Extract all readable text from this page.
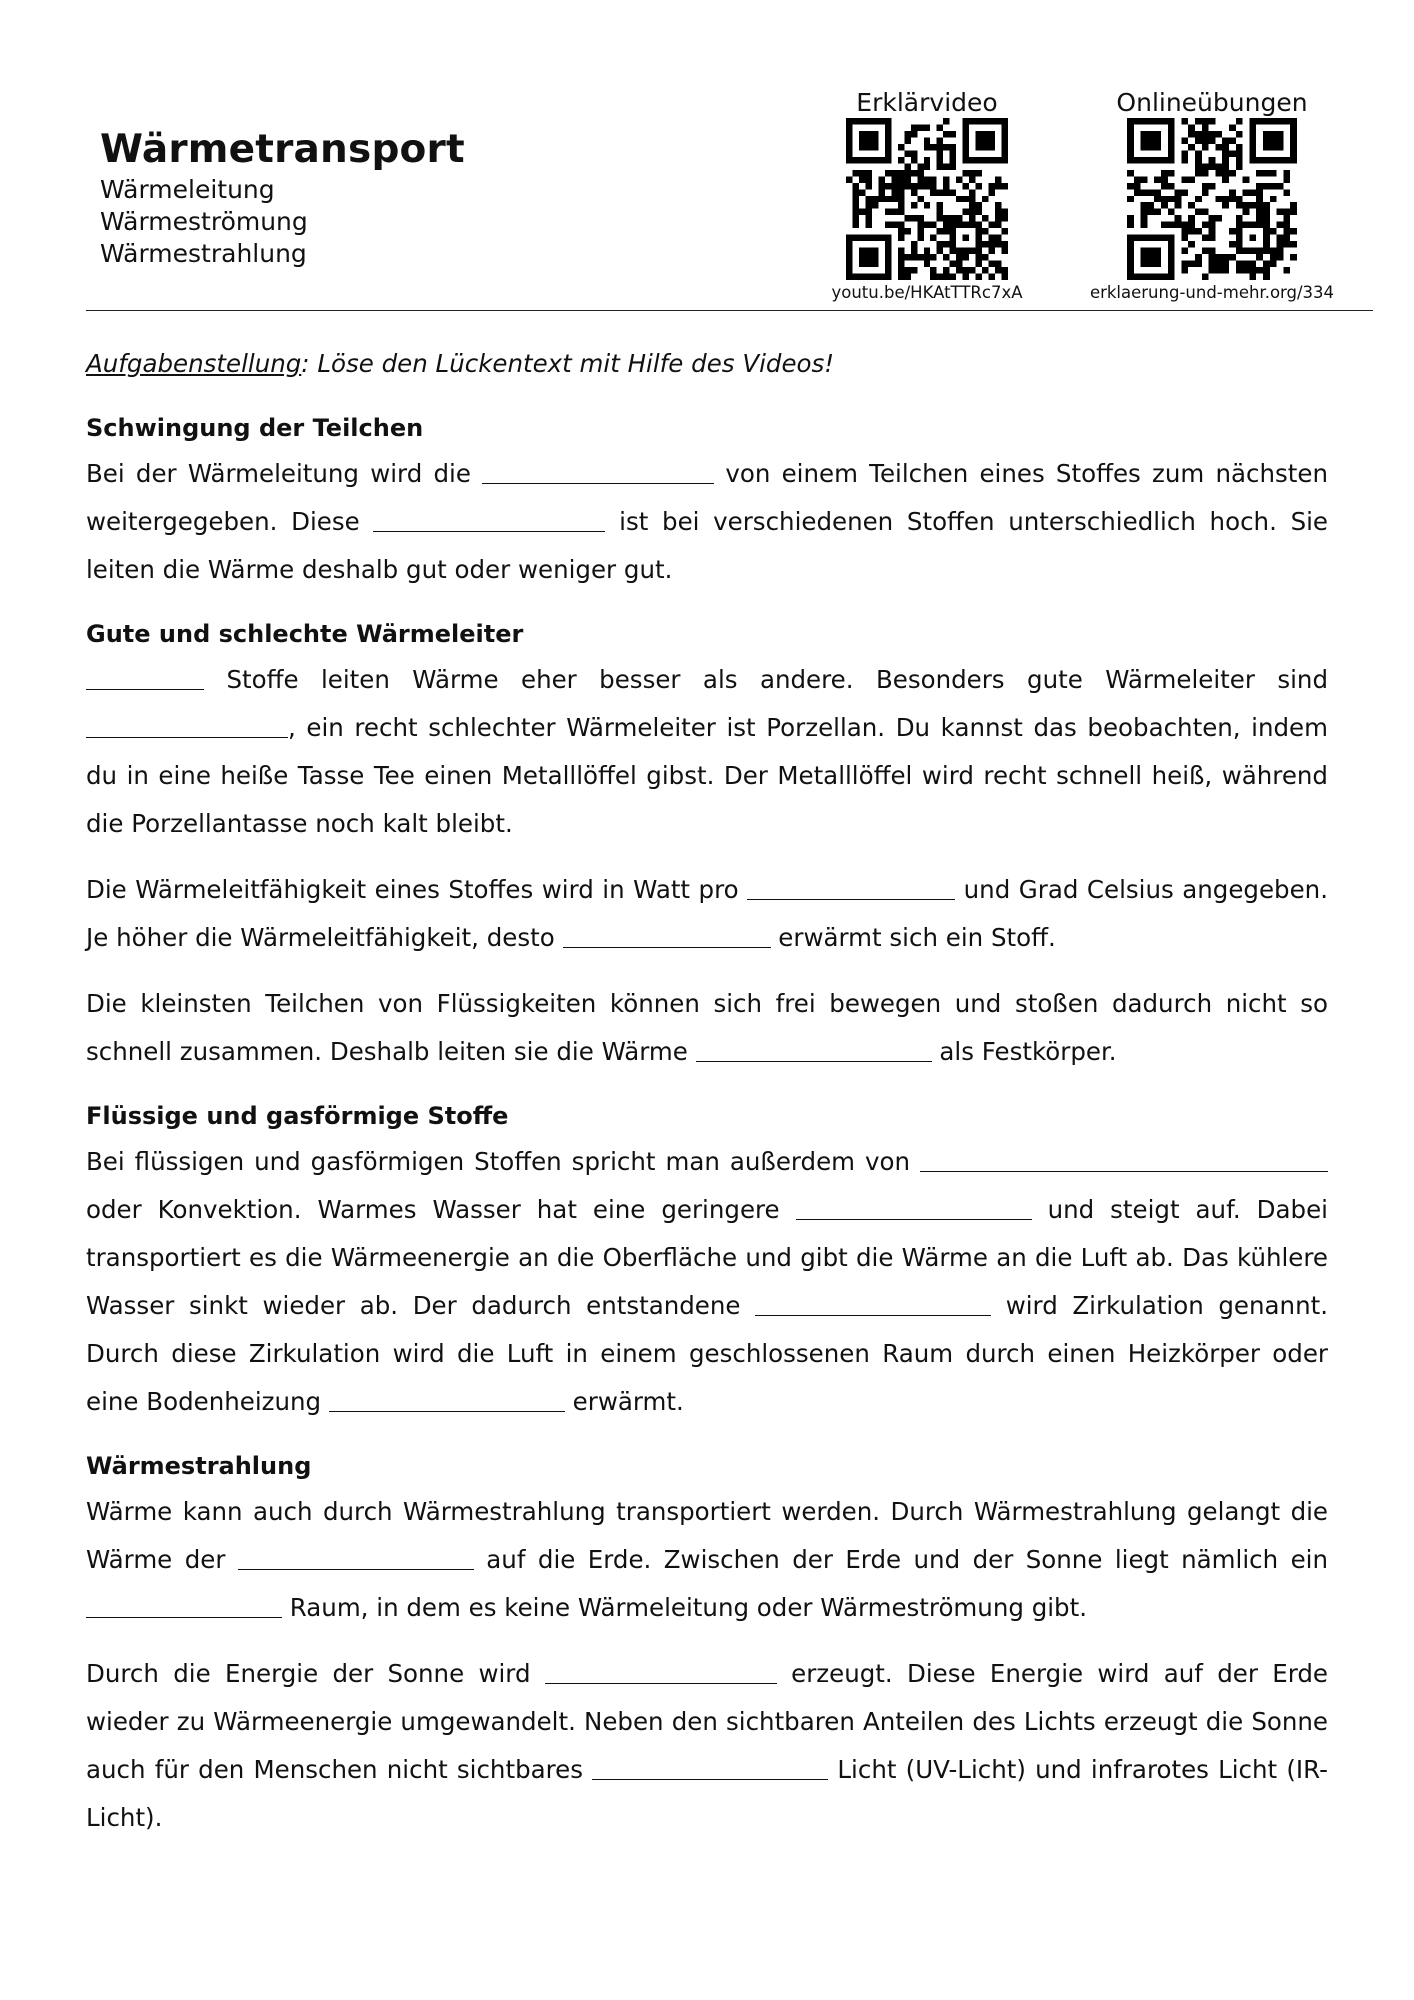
Wärmetransport
Wärmeleitung
Wärmeströmung
Wärmestrahlung
Erklärvideo
youtu.be/HKAtTTRc7xA
Onlineübungen
erklaerung-und-mehr.org/334

Aufgabenstellung: Löse den Lückentext mit Hilfe des Videos!

Schwingung der Teilchen

Bei der Wärmeleitung wird die	von einem Teilchen eines Stoffes zum nächsten weitergegeben. Diese	ist bei verschiedenen Stoffen unterschiedlich hoch. Sie leiten die Wärme deshalb gut oder weniger gut.

Gute und schlechte Wärmeleiter

Stoffe leiten Wärme eher besser als andere. Besonders gute Wärmeleiter sind , ein recht schlechter Wärmeleiter ist Porzellan. Du kannst das beobachten, indem du in eine heiße Tasse Tee einen Metalllöffel gibst. Der Metalllöffel wird recht schnell heiß, während die Porzellantasse noch kalt bleibt.

Die Wärmeleitfähigkeit eines Stoffes wird in Watt pro	und Grad Celsius angegeben. Je höher die Wärmeleitfähigkeit, desto	erwärmt sich ein Stoff.

Die kleinsten Teilchen von Flüssigkeiten können sich frei bewegen und stoßen dadurch nicht so schnell zusammen. Deshalb leiten sie die Wärme	als Festkörper.

Flüssige und gasförmige Stoffe

Bei flüssigen und gasförmigen Stoffen spricht man außerdem von  oder Konvektion. Warmes Wasser hat eine geringere	und steigt auf. Dabei transportiert es die Wärmeenergie an die Oberfläche und gibt die Wärme an die Luft ab. Das kühlere Wasser sinkt wieder ab. Der dadurch entstandene	wird Zirkulation genannt. Durch diese Zirkulation wird die Luft in einem geschlossenen Raum durch einen Heizkörper oder eine Bodenheizung	erwärmt.

Wärmestrahlung

Wärme kann auch durch Wärmestrahlung transportiert werden. Durch Wärmestrahlung gelangt die Wärme der	auf die Erde. Zwischen der Erde und der Sonne liegt nämlich ein  Raum, in dem es keine Wärmeleitung oder Wärmeströmung gibt.

Durch die Energie der Sonne wird	erzeugt. Diese Energie wird auf der Erde wieder zu Wärmeenergie umgewandelt. Neben den sichtbaren Anteilen des Lichts erzeugt die Sonne auch für den Menschen nicht sichtbares	Licht (UV-Licht) und infrarotes Licht (IR-Licht).
